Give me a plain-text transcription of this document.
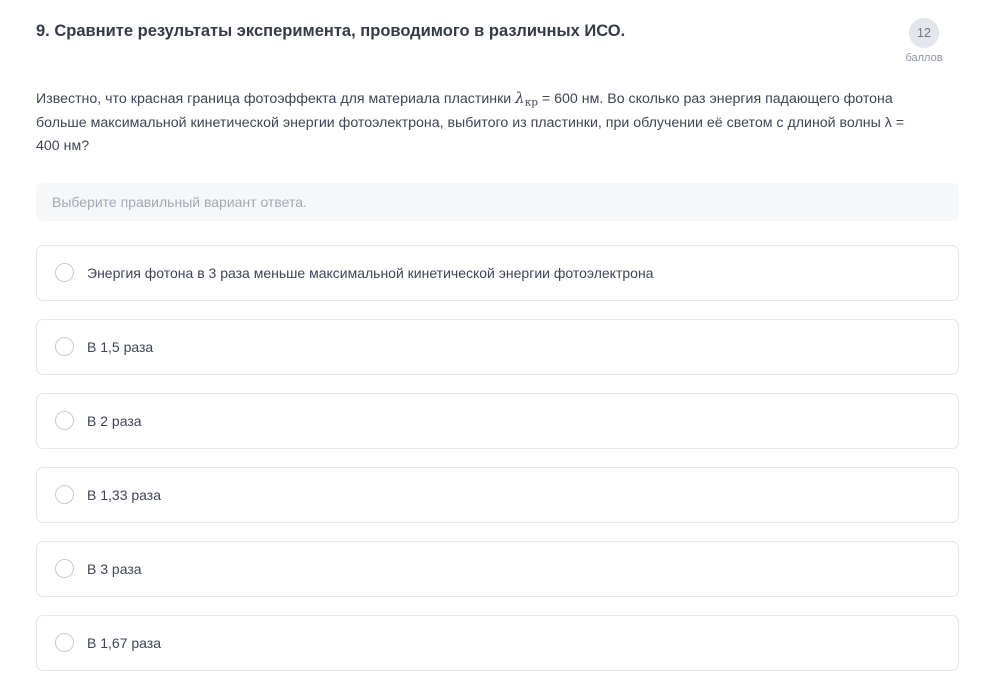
9. Сравните результаты эксперимента, проводимого в различных ИСО.	12
баллов
Известно, что красная граница фотоэффекта для материала пластинки λкр = 600 нм. Во сколько раз энергия падающего фотона больше максимальной кинетической энергии фотоэлектрона, выбитого из пластинки, при облучении её светом с длиной волны λ = 400 нм?
Выберите правильный вариант ответа.
Энергия фотона в 3 раза меньше максимальной кинетической энергии фотоэлектрона
В 1,5 раза
В 2 раза
В 1,33 раза
В 3 раза
В 1,67 раза
